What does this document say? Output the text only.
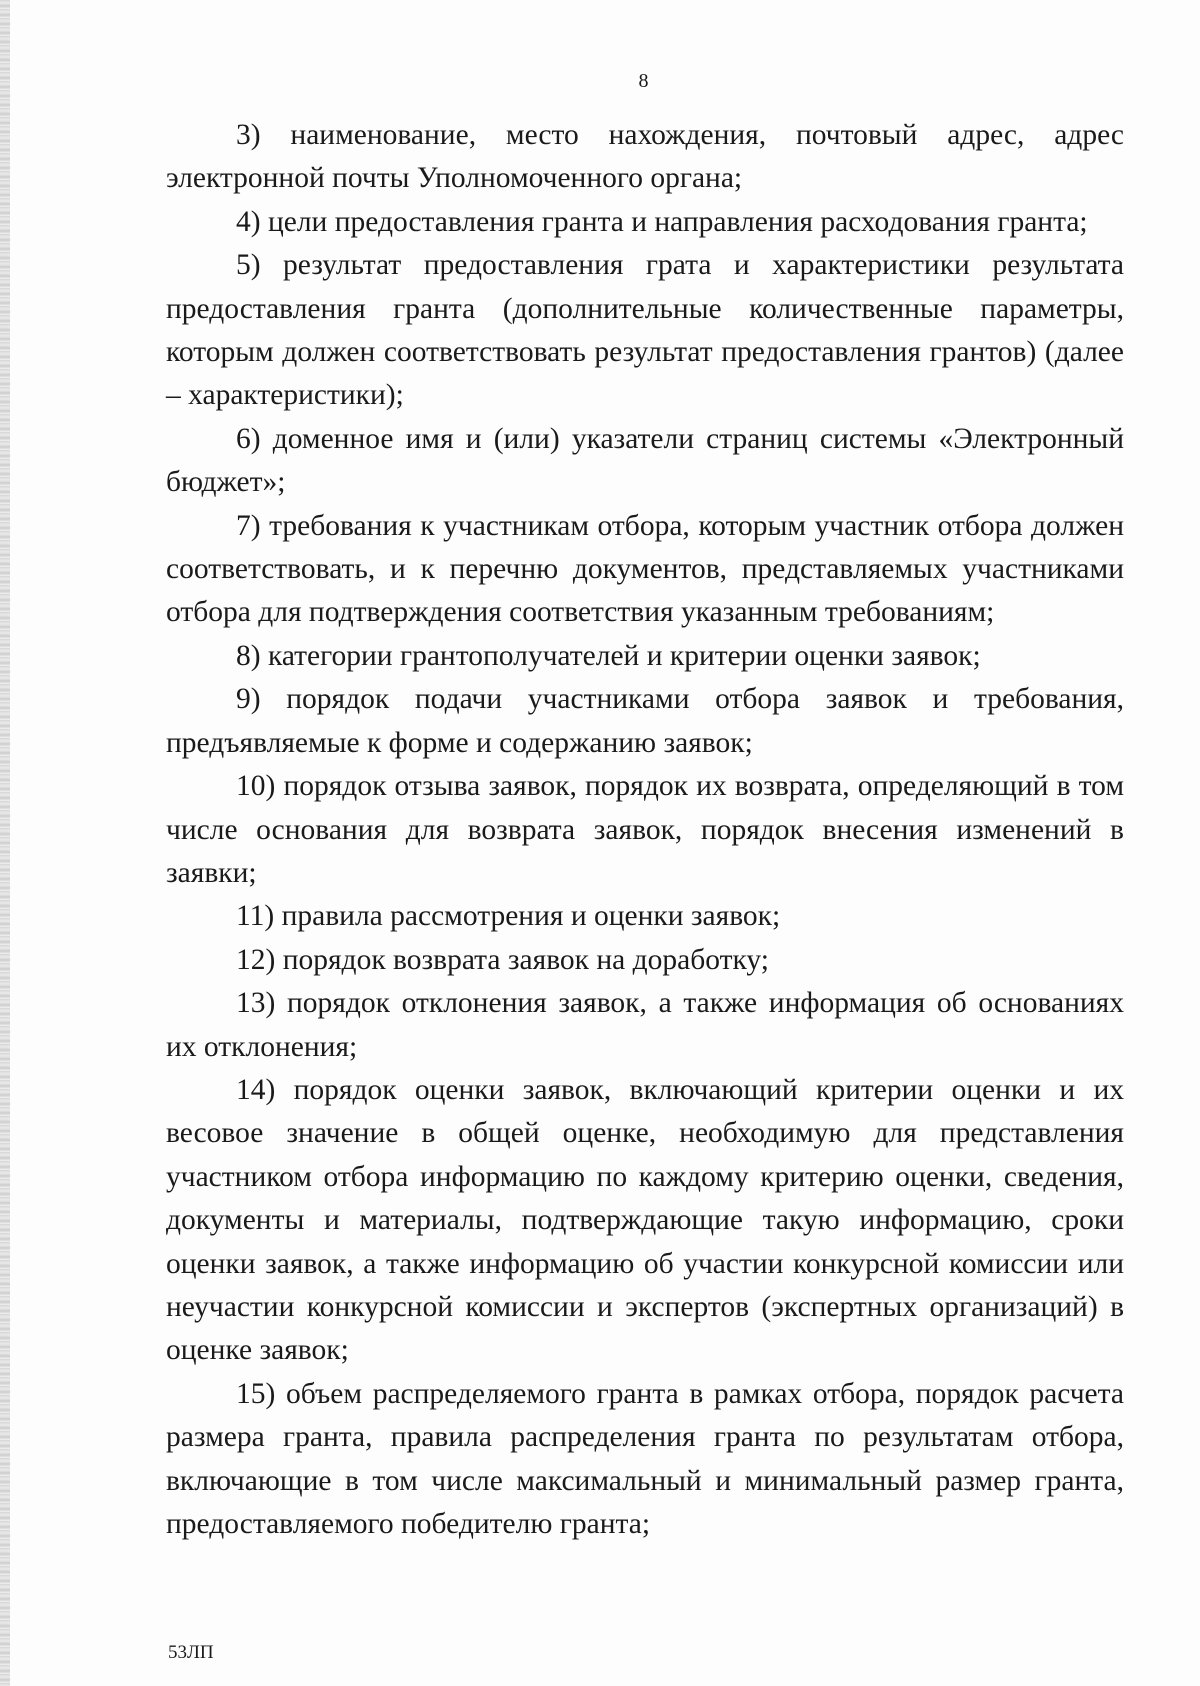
8

3) наименование, место нахождения, почтовый адрес, адрес электронной почты Уполномоченного органа;

4) цели предоставления гранта и направления расходования гранта;

5) результат предоставления грата и характеристики результата предоставления гранта (дополнительные количественные параметры, которым должен соответствовать результат предоставления грантов) (далее – характеристики);

6) доменное имя и (или) указатели страниц системы «Электронный бюджет»;

7) требования к участникам отбора, которым участник отбора должен соответствовать, и к перечню документов, представляемых участниками отбора для подтверждения соответствия указанным требованиям;

8) категории грантополучателей и критерии оценки заявок;

9) порядок подачи участниками отбора заявок и требования, предъявляемые к форме и содержанию заявок;

10) порядок отзыва заявок, порядок их возврата, определяющий в том числе основания для возврата заявок, порядок внесения изменений в заявки;

11) правила рассмотрения и оценки заявок;

12) порядок возврата заявок на доработку;

13) порядок отклонения заявок, а также информация об основаниях их отклонения;

14) порядок оценки заявок, включающий критерии оценки и их весовое значение в общей оценке, необходимую для представления участником отбора информацию по каждому критерию оценки, сведения, документы и материалы, подтверждающие такую информацию, сроки оценки заявок, а также информацию об участии конкурсной комиссии или неучастии конкурсной комиссии и экспертов (экспертных организаций) в оценке заявок;

15) объем распределяемого гранта в рамках отбора, порядок расчета размера гранта, правила распределения гранта по результатам отбора, включающие в том числе максимальный и минимальный размер гранта, предоставляемого победителю гранта;

53ЛП
